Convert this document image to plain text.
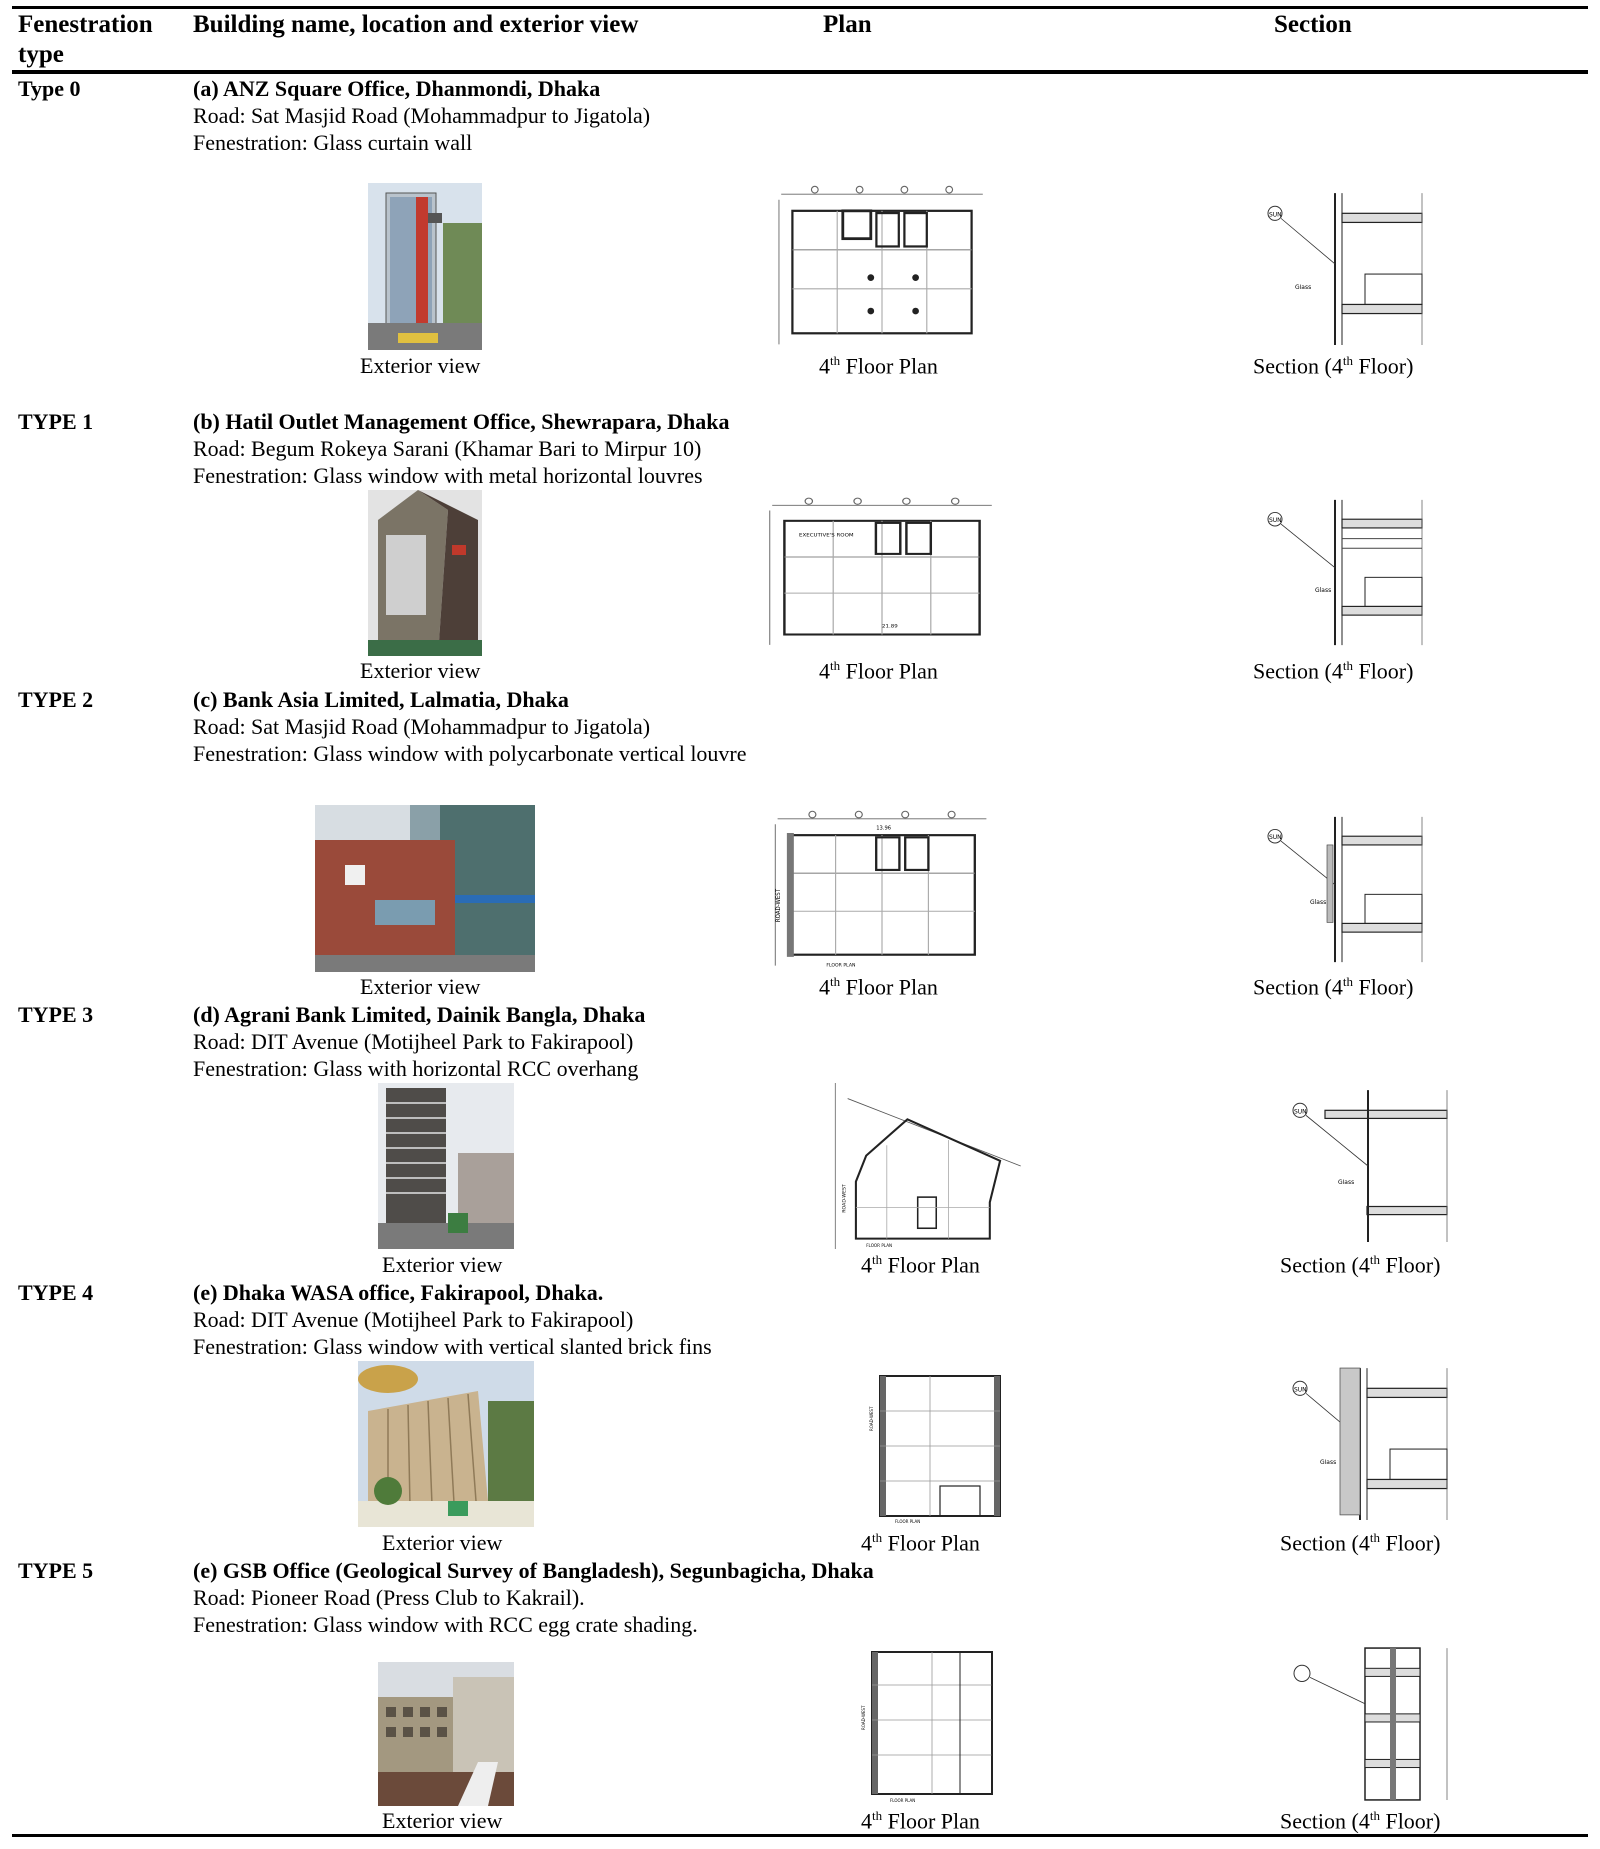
Fenestration
type
Building name, location and exterior view	Plan	Section
Type 0	(a) ANZ Square Office, Dhanmondi, Dhaka
Road: Sat Masjid Road (Mohammadpur to Jigatola)
Fenestration: Glass curtain wall
SUN
Glass
Exterior view	4th Floor Plan	Section (4th Floor)
TYPE 1	(b) Hatil Outlet Management Office, Shewrapara, Dhaka
Road: Begum Rokeya Sarani (Khamar Bari to Mirpur 10)
Fenestration: Glass window with metal horizontal louvres
EXECUTIVE'S ROOM
21.89
SUN
Glass
Exterior view	4th Floor Plan	Section (4th Floor)
TYPE 2	(c) Bank Asia Limited, Lalmatia, Dhaka
Road: Sat Masjid Road (Mohammadpur to Jigatola)
Fenestration: Glass window with polycarbonate vertical louvre
ROAD-WEST
13.96
FLOOR PLAN
SUN
Glass
Exterior view	4th Floor Plan	Section (4th Floor)
TYPE 3	(d) Agrani Bank Limited, Dainik Bangla, Dhaka
Road: DIT Avenue (Motijheel Park to Fakirapool)
Fenestration: Glass with horizontal RCC overhang
ROAD-WEST
FLOOR PLAN
SUN
Glass
Exterior view	4th Floor Plan	Section (4th Floor)
TYPE 4	(e) Dhaka WASA office, Fakirapool, Dhaka.
Road: DIT Avenue (Motijheel Park to Fakirapool)
Fenestration: Glass window with vertical slanted brick fins
ROAD-WEST
FLOOR PLAN
SUN
Glass
Exterior view	4th Floor Plan	Section (4th Floor)
TYPE 5	(e) GSB Office (Geological Survey of Bangladesh), Segunbagicha, Dhaka
Road: Pioneer Road (Press Club to Kakrail).
Fenestration: Glass window with RCC egg crate shading.
ROAD-WEST
FLOOR PLAN
Exterior view	4th Floor Plan	Section (4th Floor)
